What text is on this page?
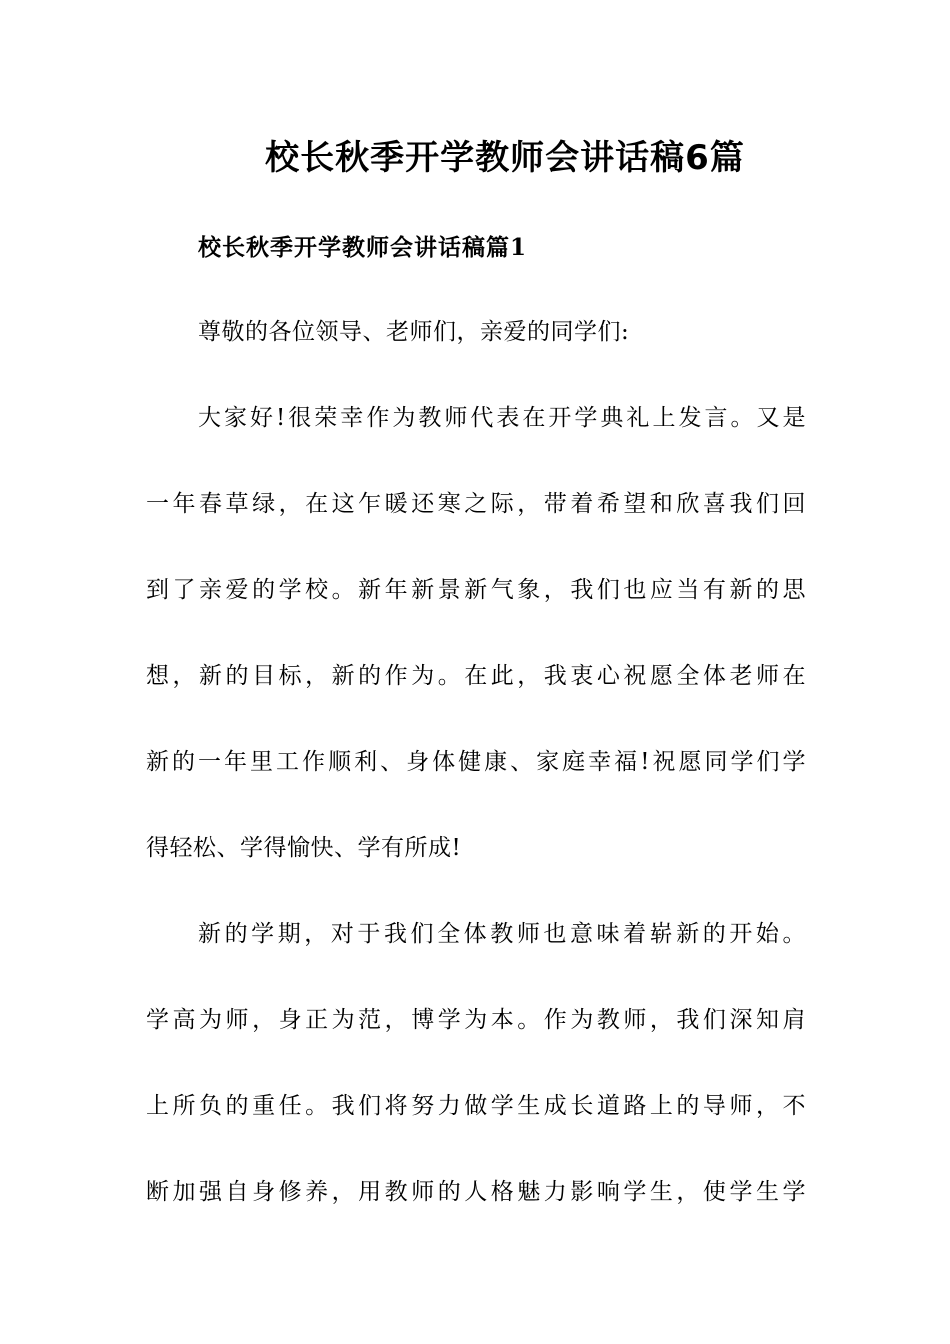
校长秋季开学教师会讲话稿6篇
校长秋季开学教师会讲话稿篇1
尊敬的各位领导、老师们，亲爱的同学们:
大家好!很荣幸作为教师代表在开学典礼上发言。又是
一年春草绿，在这乍暖还寒之际，带着希望和欣喜我们回
到了亲爱的学校。新年新景新气象，我们也应当有新的思
想，新的目标，新的作为。在此，我衷心祝愿全体老师在
新的一年里工作顺利、身体健康、家庭幸福!祝愿同学们学
得轻松、学得愉快、学有所成!
新的学期，对于我们全体教师也意味着崭新的开始。
学高为师，身正为范，博学为本。作为教师，我们深知肩
上所负的重任。我们将努力做学生成长道路上的导师，不
断加强自身修养，用教师的人格魅力影响学生，使学生学
